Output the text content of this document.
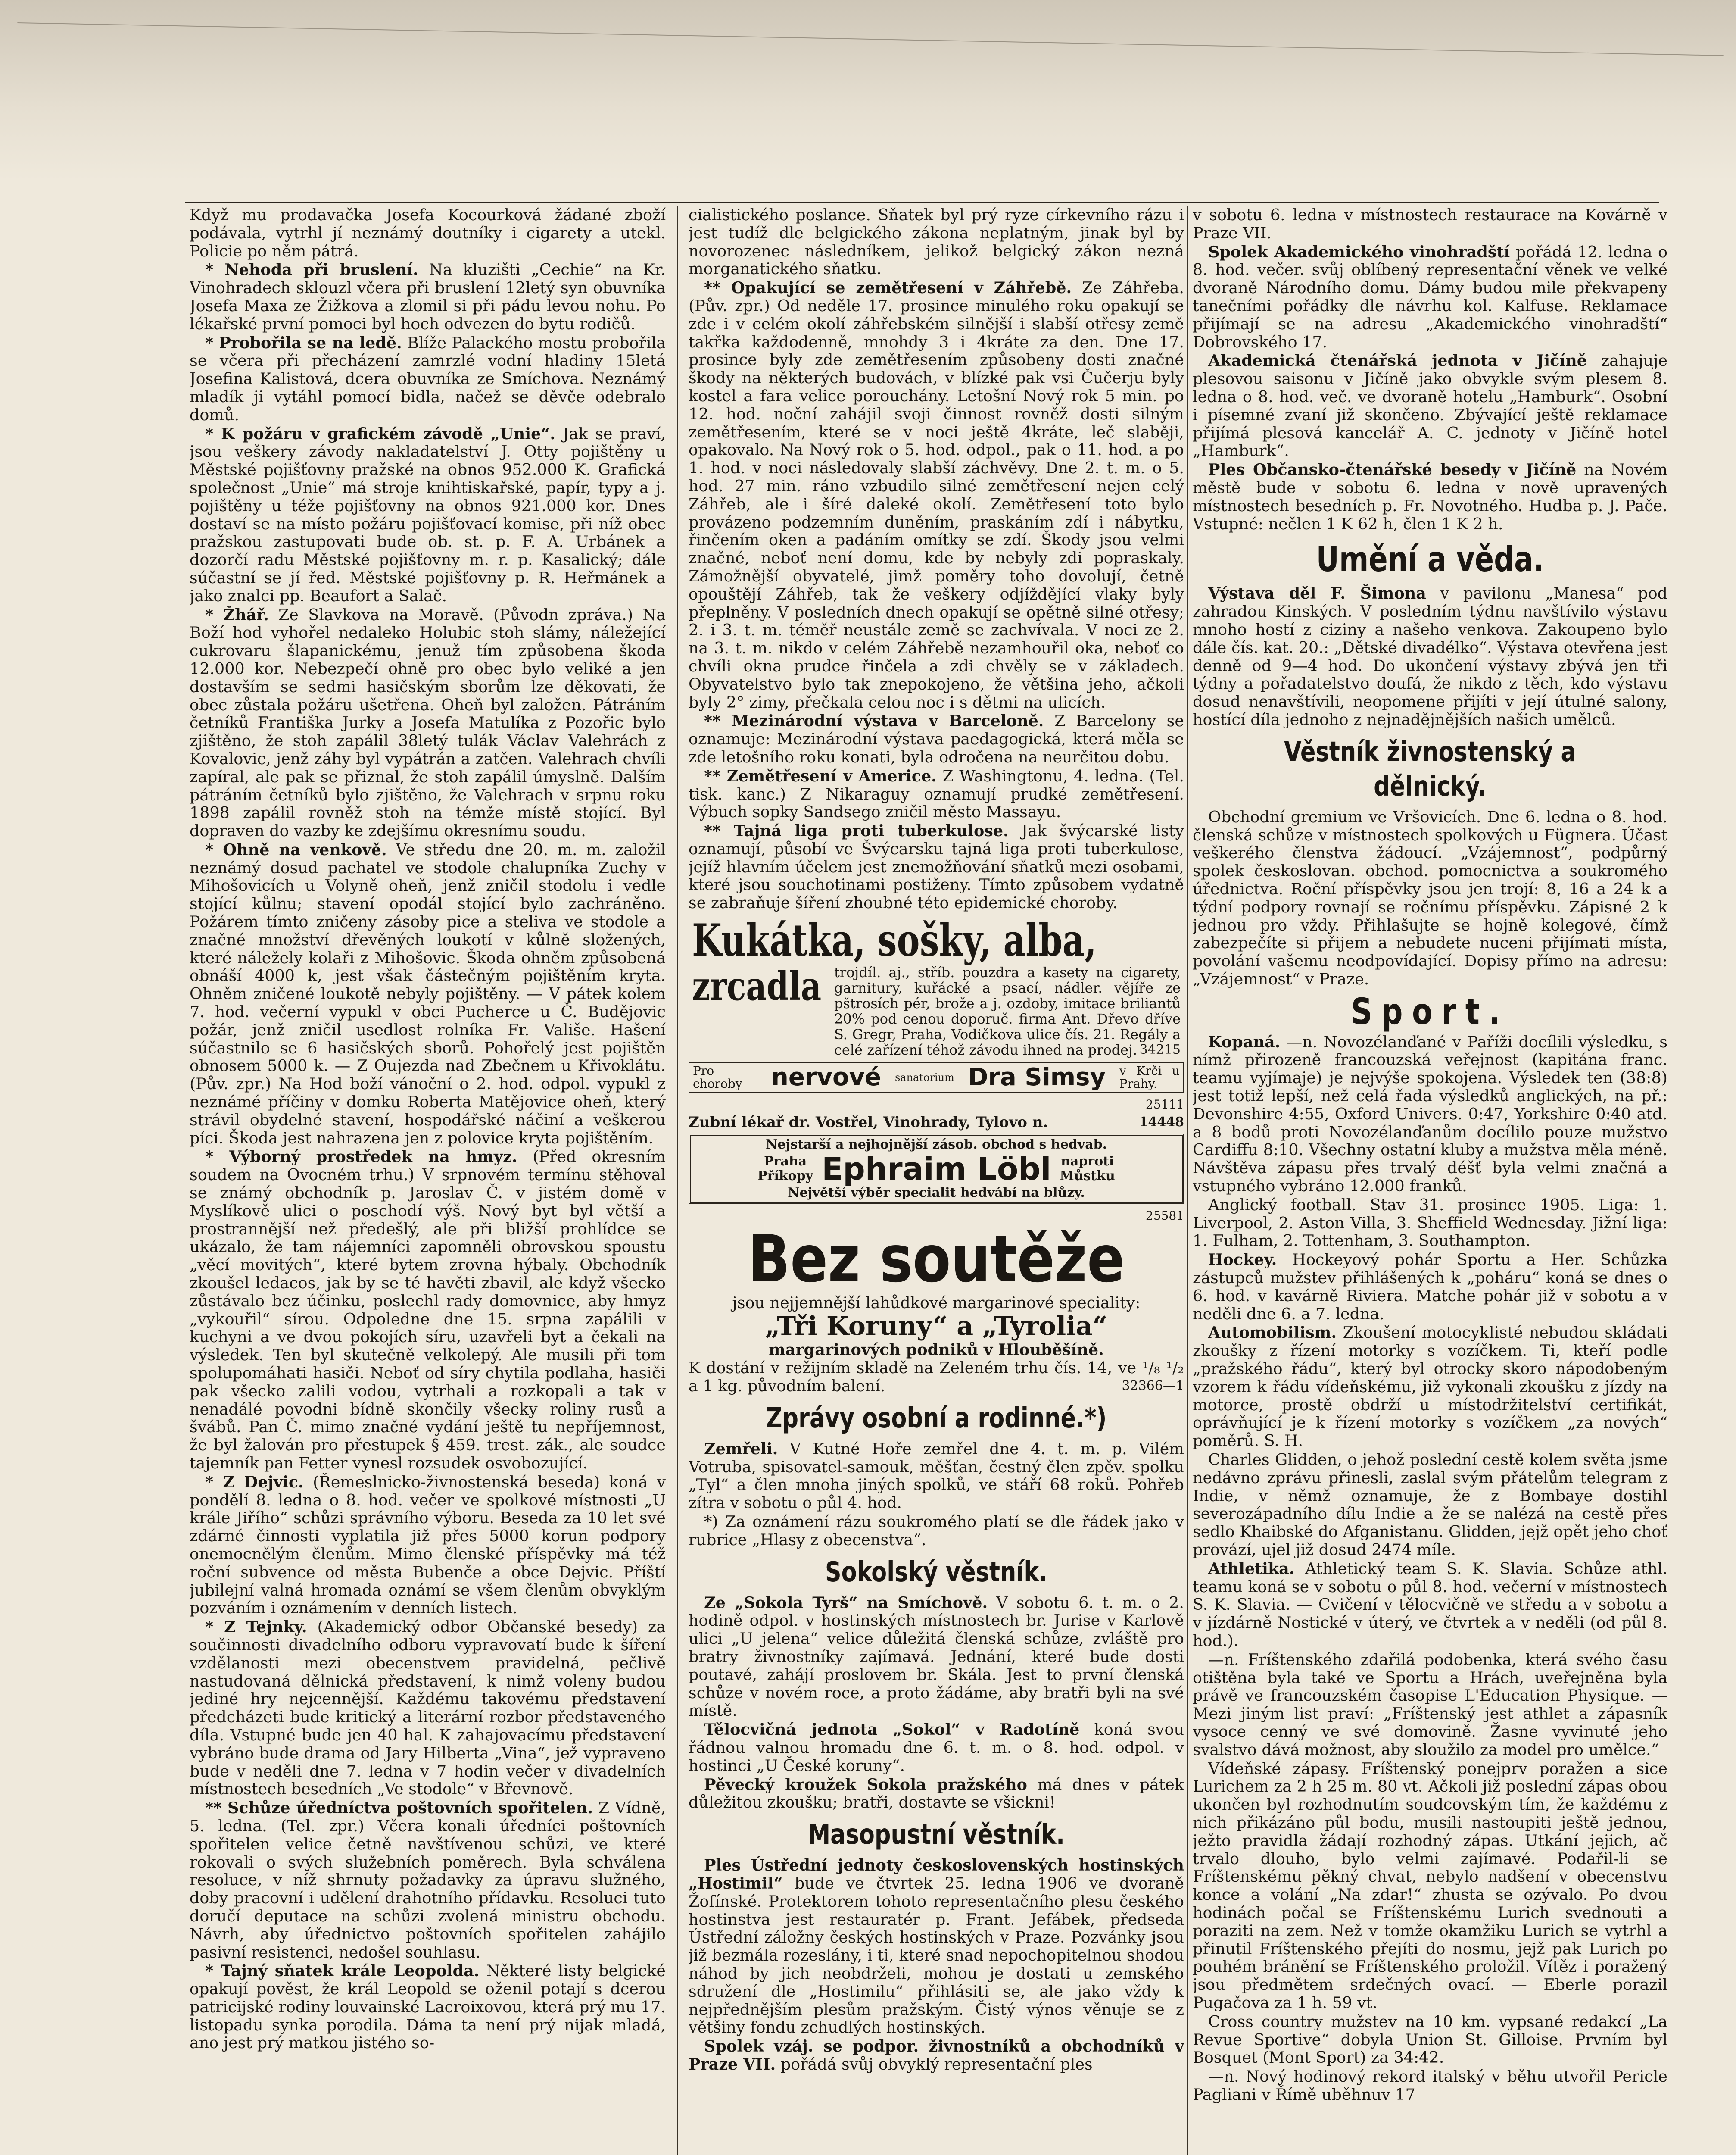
Když mu prodavačka Josefa Kocourková žádané zboží podávala, vytrhl jí neznámý doutníky i cigarety a utekl. Policie po něm pátrá.

* Nehoda při bruslení. Na kluzišti „Cechie“ na Kr. Vinohradech sklouzl včera při bruslení 12letý syn obuvníka Josefa Maxa ze Žižkova a zlomil si při pádu levou nohu. Po lékařské první pomoci byl hoch odvezen do bytu rodičů.

* Probořila se na ledě. Blíže Palackého mostu probořila se včera při přecházení zamrzlé vodní hladiny 15letá Josefina Kalistová, dcera obuvníka ze Smíchova. Neznámý mladík ji vytáhl pomocí bidla, načež se děvče odebralo domů.

* K požáru v grafickém závodě „Unie“. Jak se praví, jsou veškery závody nakladatelství J. Otty pojištěny u Městské pojišťovny pražské na obnos 952.000 K. Grafická společnost „Unie“ má stroje knihtiskařské, papír, typy a j. pojištěny u téže pojišťovny na obnos 921.000 kor. Dnes dostaví se na místo požáru pojišťovací komise, při níž obec pražskou zastupovati bude ob. st. p. F. A. Urbánek a dozorčí radu Městské pojišťovny m. r. p. Kasalický; dále súčastní se jí řed. Městské pojišťovny p. R. Heřmánek a jako znalci pp. Beaufort a Salač.

* Žhář. Ze Slavkova na Moravě. (Původn zpráva.) Na Boží hod vyhořel nedaleko Holubic stoh slámy, náležející cukrovaru šlapanickému, jenuž tím způsobena škoda 12.000 kor. Nebezpečí ohně pro obec bylo veliké a jen dostavším se sedmi hasičským sborům lze děkovati, že obec zůstala požáru ušetřena. Oheň byl založen. Pátráním četníků Františka Jurky a Josefa Matulíka z Pozořic bylo zjištěno, že stoh zapálil 38letý tulák Václav Valehrách z Kovalovic, jenž záhy byl vypátrán a zatčen. Valehrach chvíli zapíral, ale pak se přiznal, že stoh zapálil úmyslně. Dalším pátráním četníků bylo zjištěno, že Valehrach v srpnu roku 1898 zapálil rovněž stoh na témže místě stojící. Byl dopraven do vazby ke zdejšímu okresnímu soudu.

* Ohně na venkově. Ve středu dne 20. m. m. založil neznámý dosud pachatel ve stodole chalupníka Zuchy v Mihošovicích u Volyně oheň, jenž zničil stodolu i vedle stojící kůlnu; stavení opodál stojící bylo zachráněno. Požárem tímto zničeny zásoby pice a steliva ve stodole a značné množství dřevěných loukotí v kůlně složených, které náležely kolaři z Mihošovic. Škoda ohněm způsobená obnáší 4000 k, jest však částečným pojištěním kryta. Ohněm zničené loukotě nebyly pojištěny. — V pátek kolem 7. hod. večerní vypukl v obci Pucherce u Č. Budějovic požár, jenž zničil usedlost rolníka Fr. Vališe. Hašení súčastnilo se 6 hasičských sborů. Pohořelý jest pojištěn obnosem 5000 k. — Z Oujezda nad Zbečnem u Křivoklátu. (Pův. zpr.) Na Hod boží vánoční o 2. hod. odpol. vypukl z neznámé příčiny v domku Roberta Matějovice oheň, který strávil obydelné stavení, hospodářské náčiní a veškerou píci. Škoda jest nahrazena jen z polovice kryta pojištěním.

* Výborný prostředek na hmyz. (Před okresním soudem na Ovocném trhu.) V srpnovém termínu stěhoval se známý obchodník p. Jaroslav Č. v jistém domě v Myslíkově ulici o poschodí výš. Nový byt byl větší a prostrannější než předešlý, ale při bližší prohlídce se ukázalo, že tam nájemníci zapomněli obrovskou spoustu „věcí movitých“, které bytem zrovna hýbaly. Obchodník zkoušel ledacos, jak by se té havěti zbavil, ale když všecko zůstávalo bez účinku, poslechl rady domovnice, aby hmyz „vykouřil“ sírou. Odpoledne dne 15. srpna zapálili v kuchyni a ve dvou pokojích síru, uzavřeli byt a čekali na výsledek. Ten byl skutečně velkolepý. Ale musili při tom spolupomáhati hasiči. Neboť od síry chytila podlaha, hasiči pak všecko zalili vodou, vytrhali a rozkopali a tak v nenadálé povodni bídně skončily všecky roliny rusů a švábů. Pan Č. mimo značné vydání ještě tu nepříjemnost, že byl žalován pro přestupek § 459. trest. zák., ale soudce tajemník pan Fetter vynesl rozsudek osvobozující.

* Z Dejvic. (Řemeslnicko-živnostenská beseda) koná v pondělí 8. ledna o 8. hod. večer ve spolkové místnosti „U krále Jiřího“ schůzi správního výboru. Beseda za 10 let své zdárné činnosti vyplatila již přes 5000 korun podpory onemocnělým členům. Mimo členské příspěvky má též roční subvence od města Bubenče a obce Dejvic. Příští jubilejní valná hromada oznámí se všem členům obvyklým pozváním i oznámením v denních listech.

* Z Tejnky. (Akademický odbor Občanské besedy) za součinnosti divadelního odboru vypravovatí bude k šíření vzdělanosti mezi obecenstvem pravidelná, pečlivě nastudovaná dělnická představení, k nimž voleny budou jediné hry nejcennější. Každému takovému představení předcházeti bude kritický a literární rozbor představeného díla. Vstupné bude jen 40 hal. K zahajovacímu představení vybráno bude drama od Jary Hilberta „Vina“, jež vypraveno bude v neděli dne 7. ledna v 7 hodin večer v divadelních místnostech besedních „Ve stodole“ v Břevnově.

** Schůze úředníctva poštovních spořitelen. Z Vídně, 5. ledna. (Tel. zpr.) Včera konali úředníci poštovních spořitelen velice četně navštívenou schůzi, ve které rokovali o svých služebních poměrech. Byla schválena resoluce, v níž shrnuty požadavky za úpravu služného, doby pracovní i udělení drahotního přídavku. Resoluci tuto doručí deputace na schůzi zvolená ministru obchodu. Návrh, aby úřednictvo poštovních spořitelen zahájilo pasivní resistenci, nedošel souhlasu.

* Tajný sňatek krále Leopolda. Některé listy belgické opakují pověst, že král Leopold se oženil potají s dcerou patricijské rodiny louvainské Lacroixovou, která prý mu 17. listopadu synka porodila. Dáma ta není prý nijak mladá, ano jest prý matkou jistého so-

cialistického poslance. Sňatek byl prý ryze církevního rázu i jest tudíž dle belgického zákona neplatným, jinak byl by novorozenec následníkem, jelikož belgický zákon nezná morganatického sňatku.

** Opakující se zemětřesení v Záhřebě. Ze Záhřeba. (Pův. zpr.) Od neděle 17. prosince minulého roku opakují se zde i v celém okolí záhřebském silnější i slabší otřesy země takřka každodenně, mnohdy 3 i 4kráte za den. Dne 17. prosince byly zde zemětřesením způsobeny dosti značné škody na některých budovách, v blízké pak vsi Čučerju byly kostel a fara velice porouchány. Letošní Nový rok 5 min. po 12. hod. noční zahájil svoji činnost rovněž dosti silným zemětřesením, které se v noci ještě 4kráte, leč slaběji, opakovalo. Na Nový rok o 5. hod. odpol., pak o 11. hod. a po 1. hod. v noci následovaly slabší záchvěvy. Dne 2. t. m. o 5. hod. 27 min. ráno vzbudilo silné zemětřesení nejen celý Záhřeb, ale i šíré daleké okolí. Zemětřesení toto bylo provázeno podzemním duněním, praskáním zdí i nábytku, řinčením oken a padáním omítky se zdí. Škody jsou velmi značné, neboť není domu, kde by nebyly zdi popraskaly. Zámožnější obyvatelé, jimž poměry toho dovolují, četně opouštějí Záhřeb, tak že veškery odjíždějící vlaky byly přeplněny. V posledních dnech opakují se opětně silné otřesy; 2. i 3. t. m. téměř neustále země se zachvívala. V noci ze 2. na 3. t. m. nikdo v celém Záhřebě nezamhouřil oka, neboť co chvíli okna prudce řinčela a zdi chvěly se v základech. Obyvatelstvo bylo tak znepokojeno, že většina jeho, ačkoli byly 2° zimy, přečkala celou noc i s dětmi na ulicích.

** Mezinárodní výstava v Barceloně. Z Barcelony se oznamuje: Mezinárodní výstava paedagogická, která měla se zde letošního roku konati, byla odročena na neurčitou dobu.

** Zemětřesení v Americe. Z Washingtonu, 4. ledna. (Tel. tisk. kanc.) Z Nikaraguy oznamují prudké zemětřesení. Výbuch sopky Sandsego zničil město Massayu.

** Tajná liga proti tuberkulose. Jak švýcarské listy oznamují, působí ve Švýcarsku tajná liga proti tuberkulose, jejíž hlavním účelem jest znemožňování sňatků mezi osobami, které jsou souchotinami postiženy. Tímto způsobem vydatně se zabraňuje šíření zhoubné této epidemické choroby.

Kukátka, sošky, alba,
zrcadla trojdíl. aj., stříb. pouzdra a kasety na cigarety, garnitury, kuřácké a psací, nádler. vějíře ze pštrosích pér, brože a j. ozdoby, imitace briliantů 20% pod cenou doporuč. firma Ant. Dřevo dříve S. Gregr, Praha, Vodičkova ulice čís. 21. Regály a celé zařízení téhož závodu ihned na prodej. 34215
Pro choroby	nervové sanatorium Dra Simsy v Krči u Prahy.
25111
Zubní lékař dr. Vostřel, Vinohrady, Tylovo n.	14448
Nejstarší a nejhojnější zásob. obchod s hedvab.
Praha
Příkopy Ephraim Löbl naproti
Můstku
Největší výběr specialit hedvábí na blůzy.
25581
Bez soutěže
jsou nejjemnější lahůdkové margarinové speciality:
„Tři Koruny“ a „Tyrolia“
margarinových podniků v Hlouběšíně.
K dostání v režijním skladě na Zeleném trhu čís. 14, ve ¹/₈ ¹/₂ a 1 kg. původním balení.	32366—1
Zprávy osobní a rodinné.*)

Zemřeli. V Kutné Hoře zemřel dne 4. t. m. p. Vilém Votruba, spisovatel-samouk, měšťan, čestný člen zpěv. spolku „Tyl“ a člen mnoha jiných spolků, ve stáří 68 roků. Pohřeb zítra v sobotu o půl 4. hod.

*) Za oznámení rázu soukromého platí se dle řádek jako v rubrice „Hlasy z obecenstva“.

Sokolský věstník.

Ze „Sokola Tyrš“ na Smíchově. V sobotu 6. t. m. o 2. hodině odpol. v hostinských místnostech br. Jurise v Karlově ulici „U jelena“ velice důležitá členská schůze, zvláště pro bratry živnostníky zajímavá. Jednání, které bude dosti poutavé, zahájí proslovem br. Skála. Jest to první členská schůze v novém roce, a proto žádáme, aby bratři byli na své místě.

Tělocvičná jednota „Sokol“ v Radotíně koná svou řádnou valnou hromadu dne 6. t. m. o 8. hod. odpol. v hostinci „U České koruny“.

Pěvecký kroužek Sokola pražského má dnes v pátek důležitou zkoušku; bratři, dostavte se všickni!

Masopustní věstník.

Ples Ústřední jednoty československých hostinských „Hostimil“ bude ve čtvrtek 25. ledna 1906 ve dvoraně Žofínské. Protektorem tohoto representačního plesu českého hostinstva jest restauratér p. Frant. Jefábek, předseda Ústřední záložny českých hostinských v Praze. Pozvánky jsou již bezmála rozeslány, i ti, které snad nepochopitelnou shodou náhod by jich neobdrželi, mohou je dostati u zemského sdružení dle „Hostimilu“ přihlásiti se, ale jako vždy k nejpřednějším plesům pražským. Čistý výnos věnuje se z většiny fondu zchudlých hostinských.

Spolek vzáj. se podpor. živnostníků a obchodníků v Praze VII. pořádá svůj obvyklý representační ples

v sobotu 6. ledna v místnostech restaurace na Kovárně v Praze VII.

Spolek Akademického vinohradští pořádá 12. ledna o 8. hod. večer. svůj oblíbený representační věnek ve velké dvoraně Národního domu. Dámy budou mile překvapeny tanečními pořádky dle návrhu kol. Kalfuse. Reklamace přijímají se na adresu „Akademického vinohradští“ Dobrovského 17.

Akademická čtenářská jednota v Jičíně zahajuje plesovou saisonu v Jičíně jako obvykle svým plesem 8. ledna o 8. hod. več. ve dvoraně hotelu „Hamburk“. Osobní i písemné zvaní již skončeno. Zbývající ještě reklamace přijímá plesová kancelář A. C. jednoty v Jičíně hotel „Hamburk“.

Ples Občansko-čtenářské besedy v Jičíně na Novém městě bude v sobotu 6. ledna v nově upravených místnostech besedních p. Fr. Novotného. Hudba p. J. Pače. Vstupné: nečlen 1 K 62 h, člen 1 K 2 h.

Umění a věda.

Výstava děl F. Šimona v pavilonu „Manesa“ pod zahradou Kinských. V posledním týdnu navštívilo výstavu mnoho hostí z ciziny a našeho venkova. Zakoupeno bylo dále čís. kat. 20.: „Dětské divadélko“. Výstava otevřena jest denně od 9—4 hod. Do ukončení výstavy zbývá jen tři týdny a pořadatelstvo doufá, že nikdo z těch, kdo výstavu dosud nenavštívili, neopomene přijíti v její útulné salony, hostící díla jednoho z nejnadějnějších našich umělců.

Věstník živnostenský a dělnický.

Obchodní gremium ve Vršovicích. Dne 6. ledna o 8. hod. členská schůze v místnostech spolkových u Fügnera. Účast veškerého členstva žádoucí. „Vzájemnost“, podpůrný spolek českoslovan. obchod. pomocnictva a soukromého úřednictva. Roční příspěvky jsou jen trojí: 8, 16 a 24 k a týdní podpory rovnají se ročnímu příspěvku. Zápisné 2 k jednou pro vždy. Přihlašujte se hojně kolegové, čímž zabezpečíte si přijem a nebudete nuceni přijímati místa, povolání vašemu neodpovídající. Dopisy přímo na adresu: „Vzájemnost“ v Praze.

Sport.

Kopaná. —n. Novozélanďané v Paříži docílili výsledku, s nímž přirozeně francouzská veřejnost (kapitána franc. teamu vyjímaje) je nejvýše spokojena. Výsledek ten (38:8) jest totiž lepší, než celá řada výsledků anglických, na př.: Devonshire 4:55, Oxford Univers. 0:47, Yorkshire 0:40 atd. a 8 bodů proti Novozélanďanům docílilo pouze mužstvo Cardiffu 8:10. Všechny ostatní kluby a mužstva měla méně. Návštěva zápasu přes trvalý déšť byla velmi značná a vstupného vybráno 12.000 franků.

Anglický football. Stav 31. prosince 1905. Liga: 1. Liverpool, 2. Aston Villa, 3. Sheffield Wednesday. Jižní liga: 1. Fulham, 2. Tottenham, 3. Southampton.

Hockey. Hockeyový pohár Sportu a Her. Schůzka zástupců mužstev přihlášených k „poháru“ koná se dnes o 6. hod. v kavárně Riviera. Matche pohár již v sobotu a v neděli dne 6. a 7. ledna.

Automobilism. Zkoušení motocyklisté nebudou skládati zkoušky z řízení motorky s vozíčkem. Ti, kteří podle „pražského řádu“, který byl otrocky skoro nápodobeným vzorem k řádu vídeňskému, již vykonali zkoušku z jízdy na motorce, prostě obdrží u místodržitelství certifikát, oprávňující je k řízení motorky s vozíčkem „za nových“ poměrů. S. H.

Charles Glidden, o jehož poslední cestě kolem světa jsme nedávno zprávu přinesli, zaslal svým přátelům telegram z Indie, v němž oznamuje, že z Bombaye dostihl severozápadního dílu Indie a že se nalézá na cestě přes sedlo Khaibské do Afganistanu. Glidden, jejž opět jeho choť provází, ujel již dosud 2474 míle.

Athletika. Athletický team S. K. Slavia. Schůze athl. teamu koná se v sobotu o půl 8. hod. večerní v místnostech S. K. Slavia. — Cvičení v tělocvičně ve středu a v sobotu a v jízdárně Nostické v úterý, ve čtvrtek a v neděli (od půl 8. hod.).

—n. Fríštenského zdařilá podobenka, která svého času otištěna byla také ve Sportu a Hrách, uveřejněna byla právě ve francouzském časopise L'Education Physique. — Mezi jiným list praví: „Fríštenský jest athlet a zápasník vysoce cenný ve své domovině. Žasne vyvinuté jeho svalstvo dává možnost, aby sloužilo za model pro umělce.“

Vídeňské zápasy. Fríštenský ponejprv poražen a sice Lurichem za 2 h 25 m. 80 vt. Ačkoli již poslední zápas obou ukončen byl rozhodnutím soudcovským tím, že každému z nich přikázáno půl bodu, musili nastoupiti ještě jednou, ježto pravidla žádají rozhodný zápas. Utkání jejich, ač trvalo dlouho, bylo velmi zajímavé. Podařil-li se Fríštenskému pěkný chvat, nebylo nadšení v obecenstvu konce a volání „Na zdar!“ zhusta se ozývalo. Po dvou hodinách počal se Fríštenskému Lurich svednouti a poraziti na zem. Než v tomže okamžiku Lurich se vytrhl a přinutil Fríštenského přejíti do nosmu, jejž pak Lurich po pouhém bránění se Fríštenského proložil. Vítěz i poražený jsou předmětem srdečných ovací. — Eberle porazil Pugačova za 1 h. 59 vt.

Cross country mužstev na 10 km. vypsané redakcí „La Revue Sportive“ dobyla Union St. Gilloise. Prvním byl Bosquet (Mont Sport) za 34:42.

—n. Nový hodinový rekord italský v běhu utvořil Pericle Pagliani v Římě uběhnuv 17
